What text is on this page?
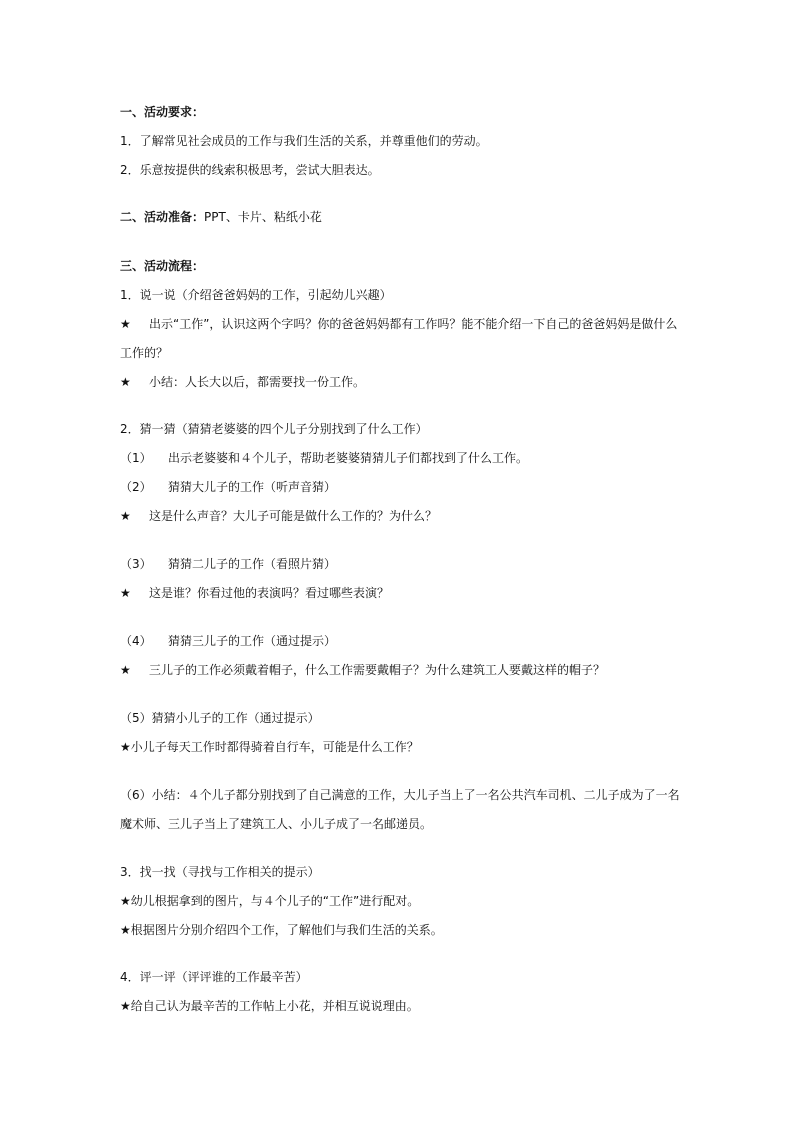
一、活动要求：
1．了解常见社会成员的工作与我们生活的关系，并尊重他们的劳动。
2．乐意按提供的线索积极思考，尝试大胆表达。
二、活动准备：PPT、卡片、粘纸小花
三、活动流程：
1．说一说（介绍爸爸妈妈的工作，引起幼儿兴趣）
★ 出示“工作”，认识这两个字吗？你的爸爸妈妈都有工作吗？能不能介绍一下自己的爸爸妈妈是做什么
工作的？
★ 小结：人长大以后，都需要找一份工作。
2．猜一猜（猜猜老婆婆的四个儿子分别找到了什么工作）
（1） 出示老婆婆和４个儿子，帮助老婆婆猜猜儿子们都找到了什么工作。
（2） 猜猜大儿子的工作（听声音猜）
★ 这是什么声音？大儿子可能是做什么工作的？为什么？
（3） 猜猜二儿子的工作（看照片猜）
★ 这是谁？你看过他的表演吗？看过哪些表演？
（4） 猜猜三儿子的工作（通过提示）
★ 三儿子的工作必须戴着帽子，什么工作需要戴帽子？为什么建筑工人要戴这样的帽子？
（5）猜猜小儿子的工作（通过提示）
★小儿子每天工作时都得骑着自行车，可能是什么工作？
（6）小结：４个儿子都分别找到了自己满意的工作，大儿子当上了一名公共汽车司机、二儿子成为了一名
魔术师、三儿子当上了建筑工人、小儿子成了一名邮递员。
3．找一找（寻找与工作相关的提示）
★幼儿根据拿到的图片，与４个儿子的“工作”进行配对。
★根据图片分别介绍四个工作，了解他们与我们生活的关系。
4．评一评（评评谁的工作最辛苦）
★给自己认为最辛苦的工作帖上小花，并相互说说理由。
